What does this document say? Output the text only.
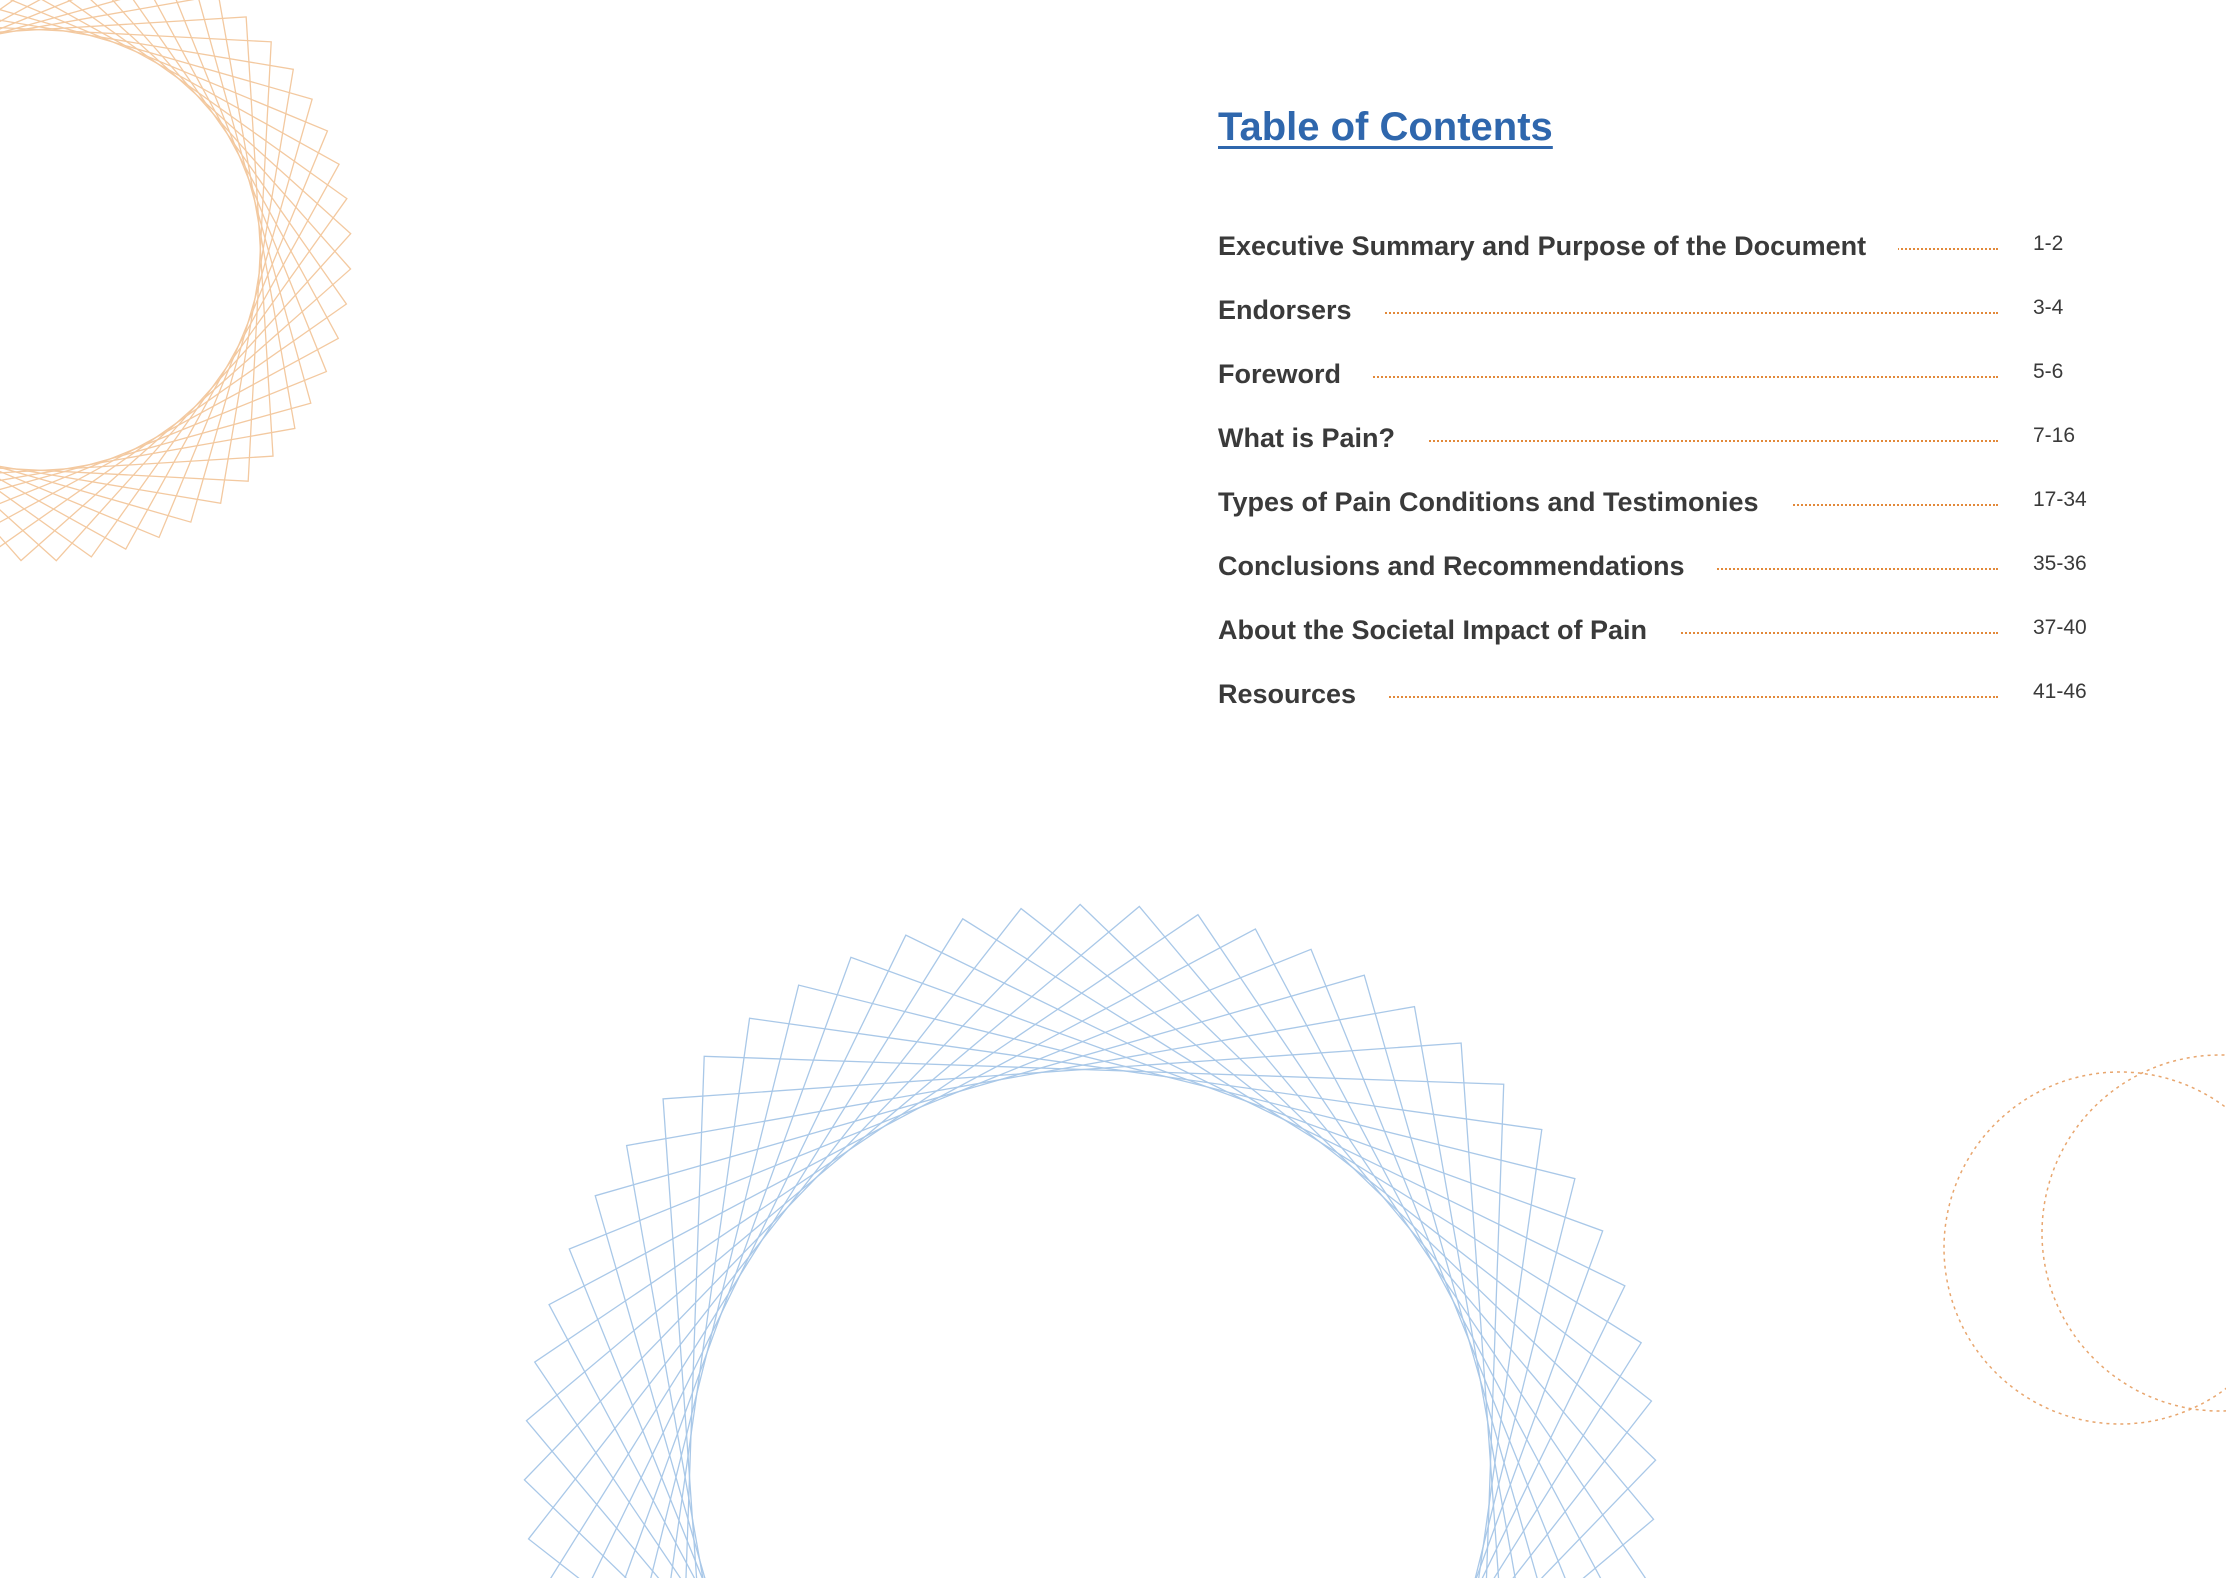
Table of Contents
Executive Summary and Purpose of the Document	1-2
Endorsers	3-4
Foreword	5-6
What is Pain?	7-16
Types of Pain Conditions and Testimonies	17-34
Conclusions and Recommendations	35-36
About the Societal Impact of Pain	37-40
Resources	41-46
